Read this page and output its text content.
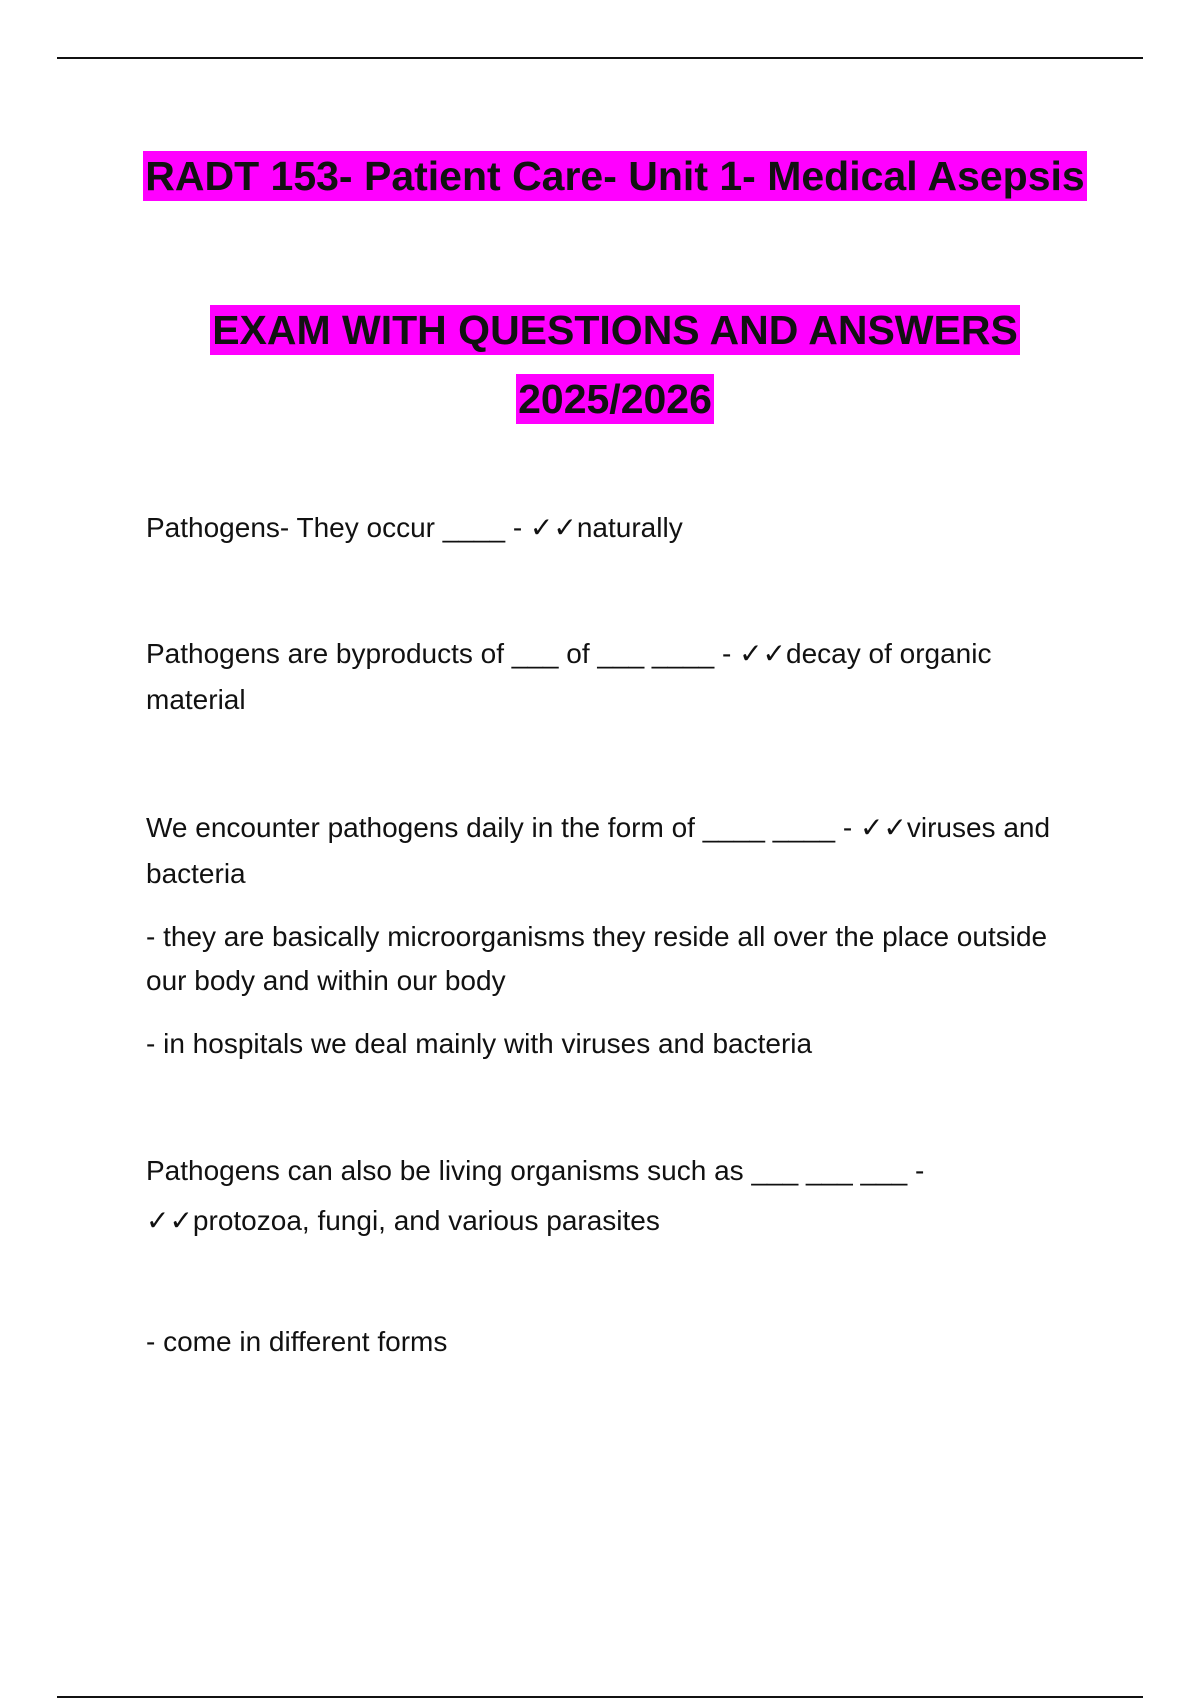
RADT 153- Patient Care- Unit 1- Medical Asepsis
EXAM WITH QUESTIONS AND ANSWERS 2025/2026

Pathogens- They occur ____ - ✓✓naturally

Pathogens are byproducts of ___ of ___ ____ - ✓✓decay of organic material

We encounter pathogens daily in the form of ____ ____ - ✓✓viruses and bacteria

- they are basically microorganisms they reside all over the place outside our body and within our body

- in hospitals we deal mainly with viruses and bacteria

Pathogens can also be living organisms such as ___ ___ ___ - ✓✓protozoa, fungi, and various parasites

- come in different forms
